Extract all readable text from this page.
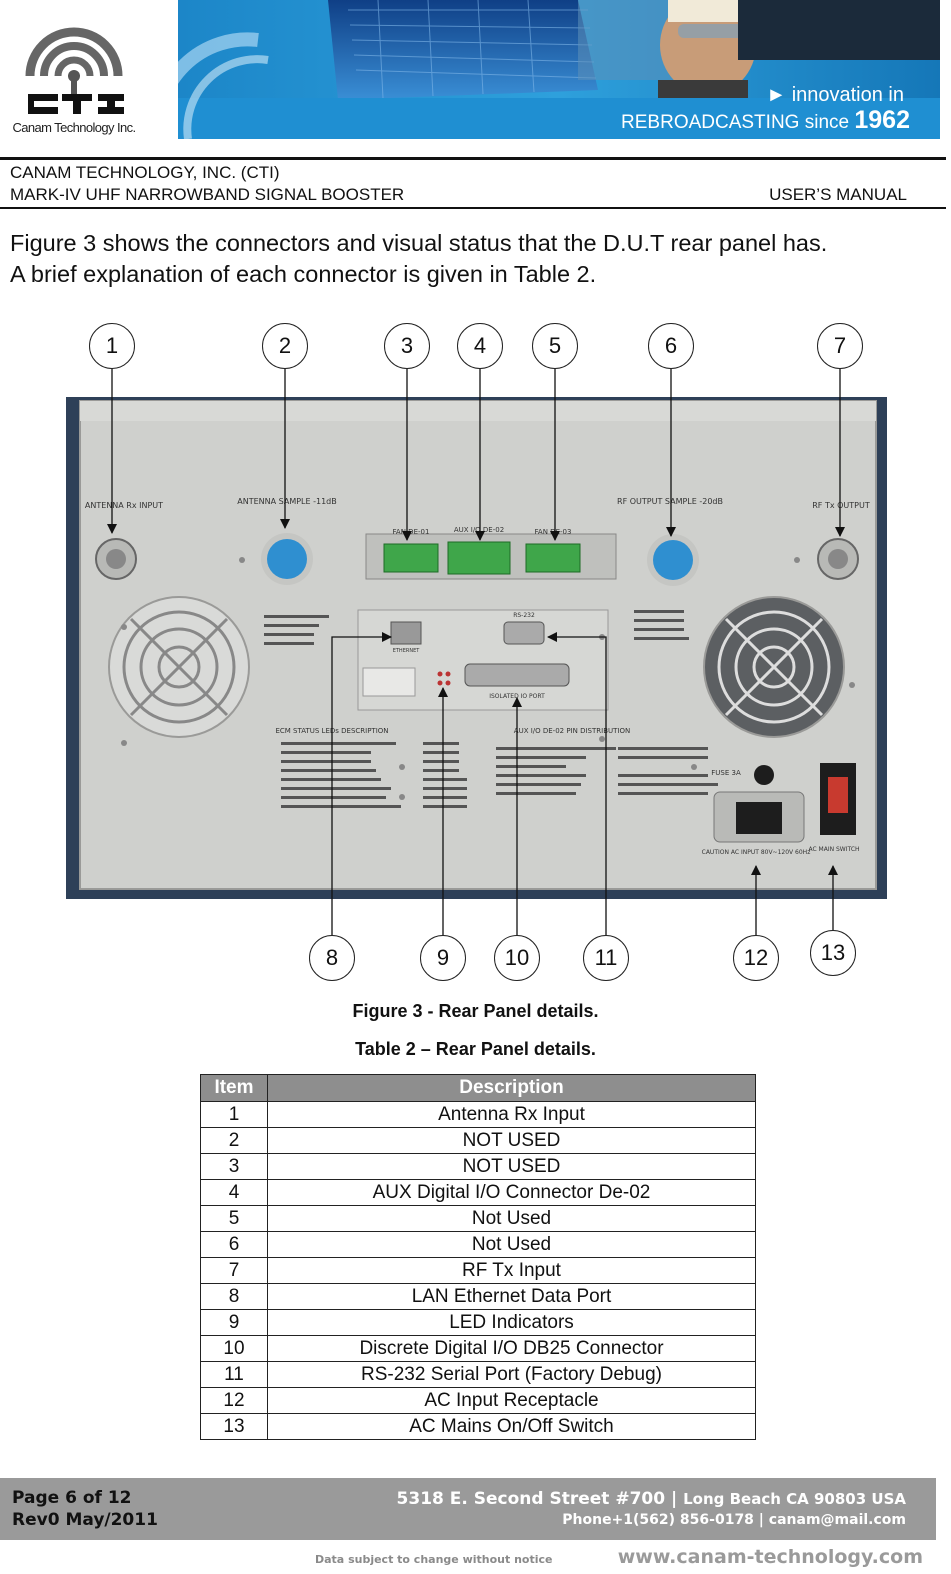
Canam Technology Inc.
► innovation in
REBROADCASTING since 1962
CANAM TECHNOLOGY, INC. (CTI)
MARK-IV UHF NARROWBAND SIGNAL BOOSTER	USER’S MANUAL
Figure 3 shows the connectors and visual status that the D.U.T rear panel has.
A brief explanation of each connector is given in Table 2.
ANTENNA Rx INPUT	ANTENNA SAMPLE -11dB
FAN DE-01	AUX I/O DE-02	FAN DE-03
RF OUTPUT SAMPLE -20dB	RF Tx OUTPUT
ETHERNET
RS-232
ISOLATED IO PORT
ECM STATUS LEDs DESCRIPTION	AUX I/O DE-02 PIN DISTRIBUTION
FUSE 3A
CAUTION AC INPUT 80V~120V 60Hz
AC MAIN SWITCH
1	2	3	4	5	6	7
8	9	10	11	12	13
Figure 3 - Rear Panel details.
Table 2 – Rear Panel details.
Item	Description
1	Antenna Rx Input
2	NOT USED
3	NOT USED
4	AUX Digital I/O Connector De-02
5	Not Used
6	Not Used
7	RF Tx Input
8	LAN Ethernet Data Port
9	LED Indicators
10	Discrete Digital I/O DB25 Connector
11	RS-232 Serial Port (Factory Debug)
12	AC Input Receptacle
13	AC Mains On/Off Switch
Page 6 of 12
Rev0 May/2011
5318 E. Second Street #700 | Long Beach CA 90803 USA
Phone+1(562) 856-0178 | canam@mail.com
Data subject to change without notice	www.canam-technology.com
